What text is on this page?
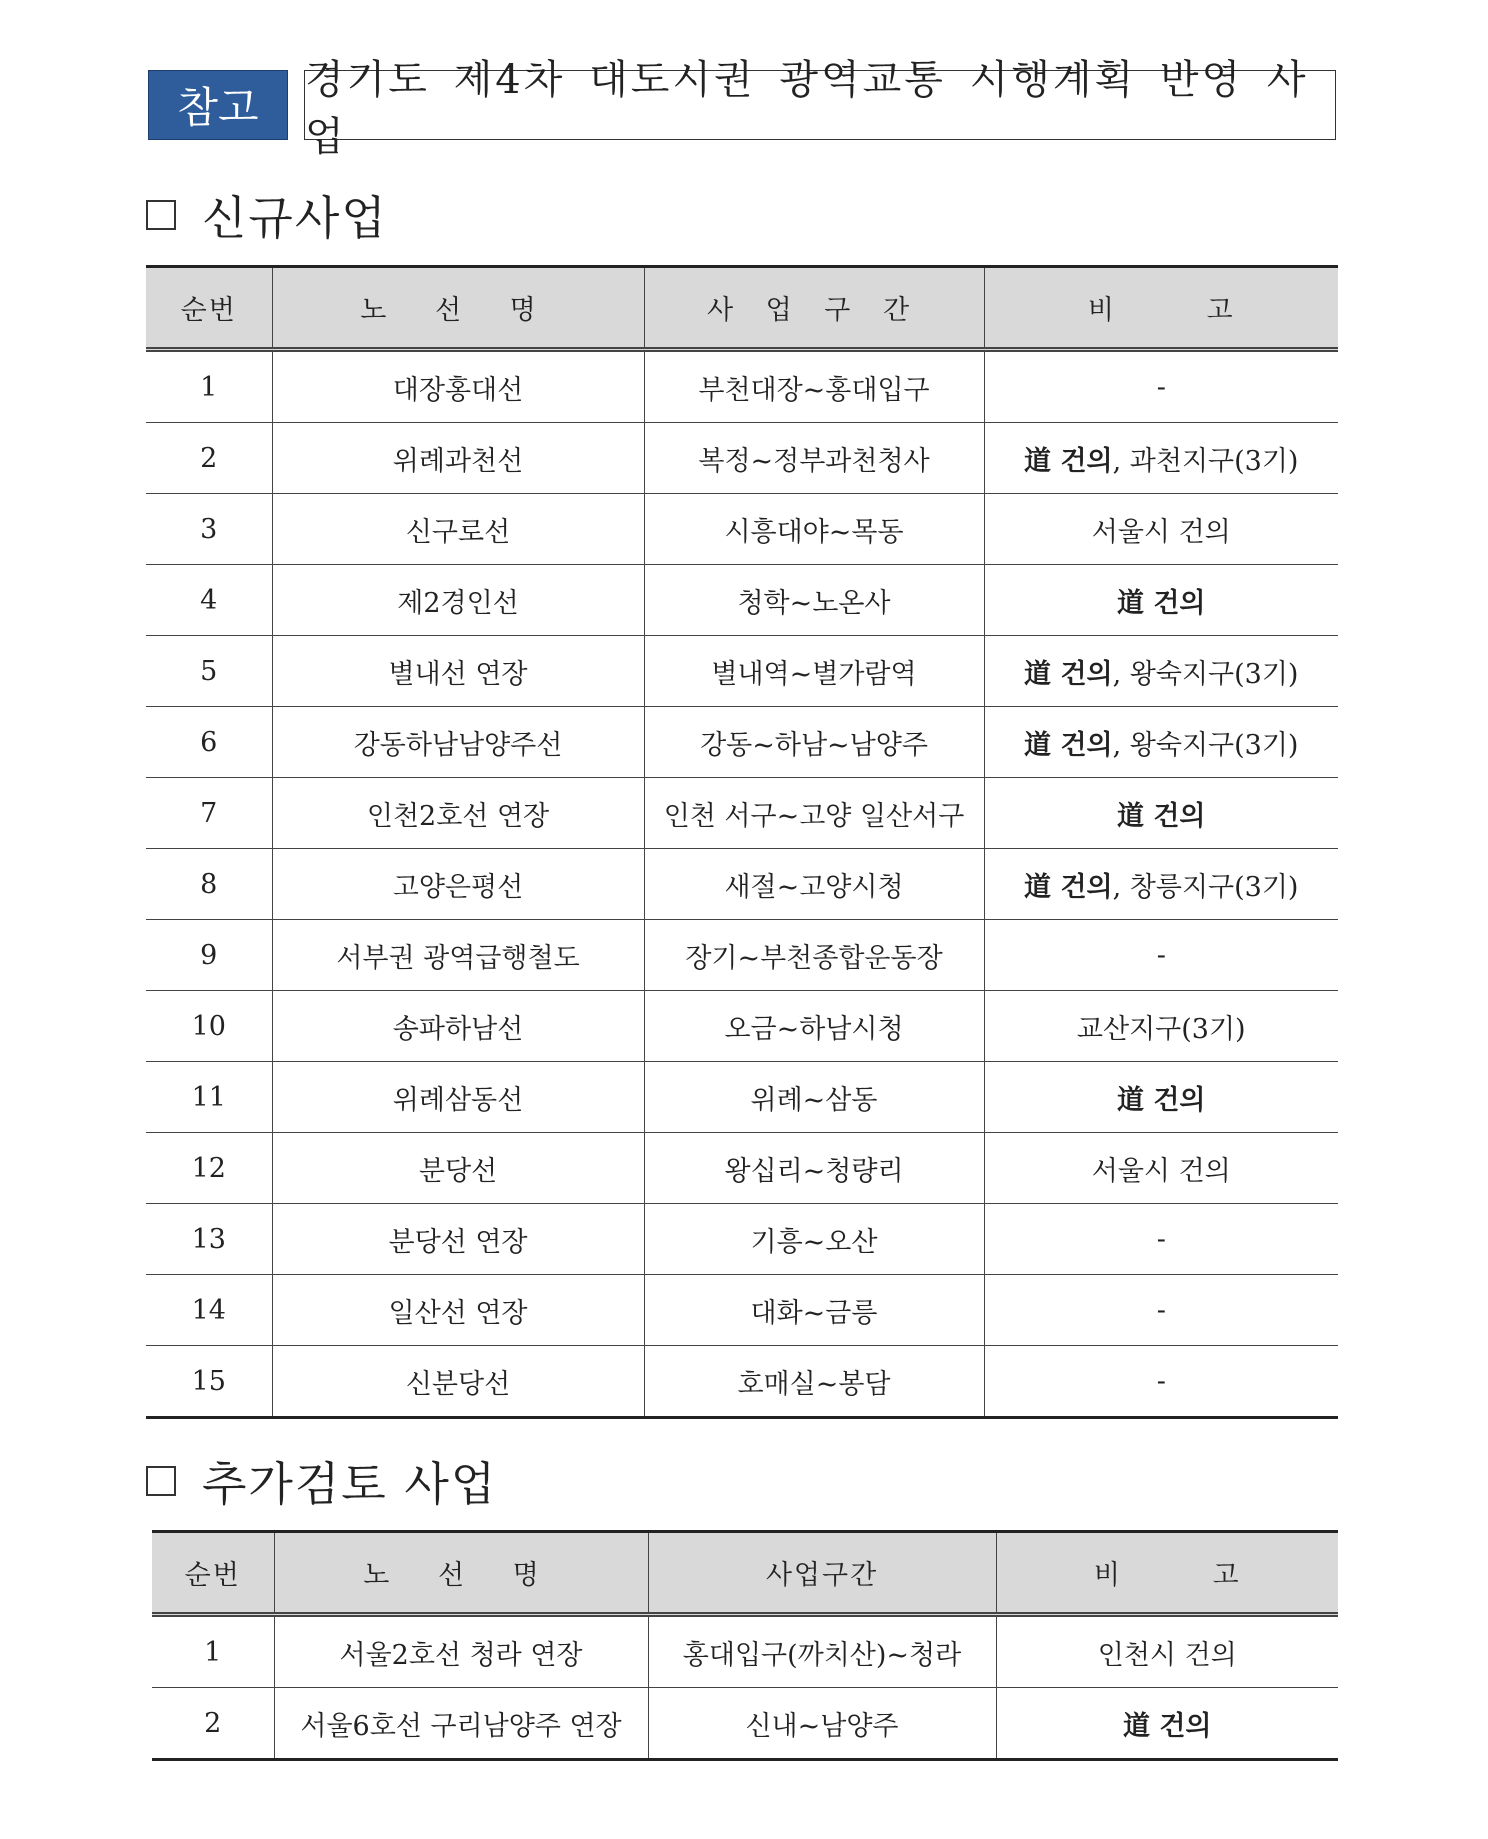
참고
경기도 제4차 대도시권 광역교통 시행계획 반영 사업
신규사업
순번	노 선 명	사 업 구 간	비 고
1	대장홍대선	부천대장~홍대입구	-
2	위례과천선	복정~정부과천청사	道 건의, 과천지구(3기)
3	신구로선	시흥대야~목동	서울시 건의
4	제2경인선	청학~노온사	道 건의
5	별내선 연장	별내역~별가람역	道 건의, 왕숙지구(3기)
6	강동하남남양주선	강동~하남~남양주	道 건의, 왕숙지구(3기)
7	인천2호선 연장	인천 서구~고양 일산서구	道 건의
8	고양은평선	새절~고양시청	道 건의, 창릉지구(3기)
9	서부권 광역급행철도	장기~부천종합운동장	-
10	송파하남선	오금~하남시청	교산지구(3기)
11	위례삼동선	위례~삼동	道 건의
12	분당선	왕십리~청량리	서울시 건의
13	분당선 연장	기흥~오산	-
14	일산선 연장	대화~금릉	-
15	신분당선	호매실~봉담	-
추가검토 사업
순번	노 선 명	사업구간	비 고
1	서울2호선 청라 연장	홍대입구(까치산)~청라	인천시 건의
2	서울6호선 구리남양주 연장	신내~남양주	道 건의
